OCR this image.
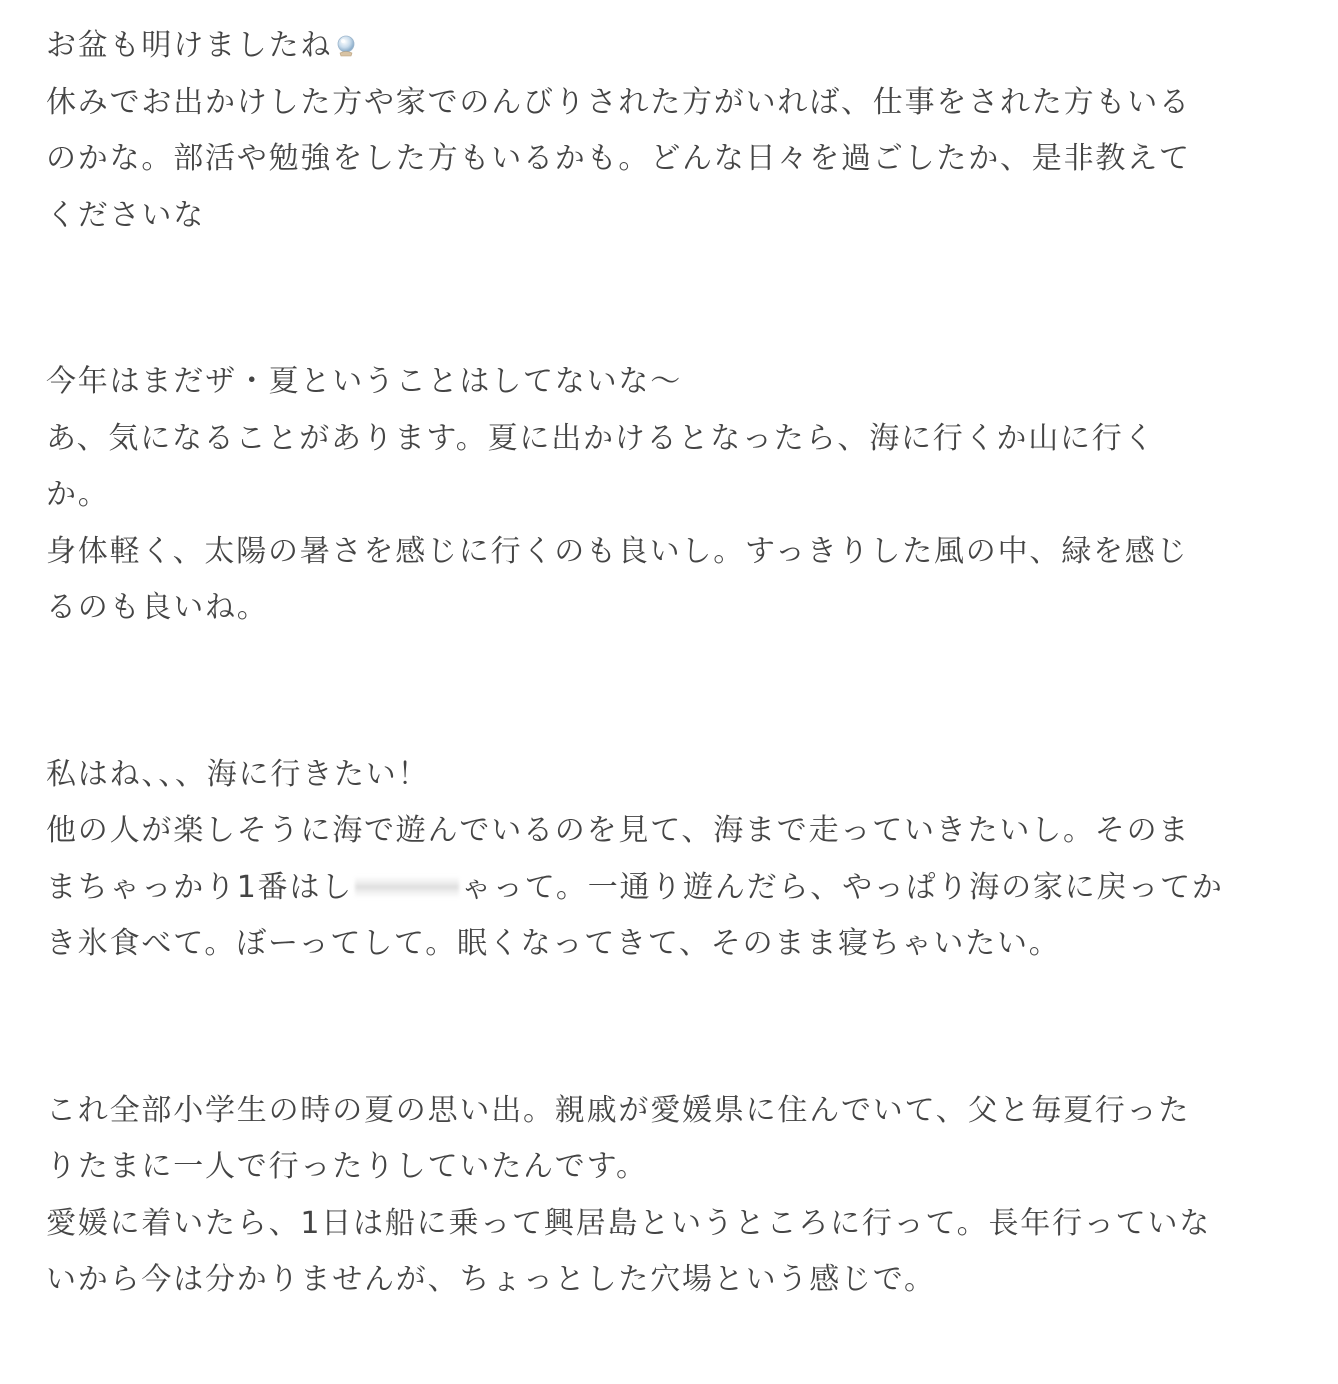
お盆も明けましたね
休みでお出かけした方や家でのんびりされた方がいれば、仕事をされた方もいる
のかな。部活や勉強をした方もいるかも。どんな日々を過ごしたか、是非教えて
くださいな
今年はまだザ・夏ということはしてないな〜
あ、気になることがあります。夏に出かけるとなったら、海に行くか山に行く
か。
身体軽く、太陽の暑さを感じに行くのも良いし。すっきりした風の中、緑を感じ
るのも良いね。
私はね、、、海に行きたい！
他の人が楽しそうに海で遊んでいるのを見て、海まで走っていきたいし。そのま
まちゃっかり1番はし	ゃって。一通り遊んだら、やっぱり海の家に戻ってか
き氷食べて。ぼーってして。眠くなってきて、そのまま寝ちゃいたい。
これ全部小学生の時の夏の思い出。親戚が愛媛県に住んでいて、父と毎夏行った
りたまに一人で行ったりしていたんです。
愛媛に着いたら、1日は船に乗って興居島というところに行って。長年行っていな
いから今は分かりませんが、ちょっとした穴場という感じで。
